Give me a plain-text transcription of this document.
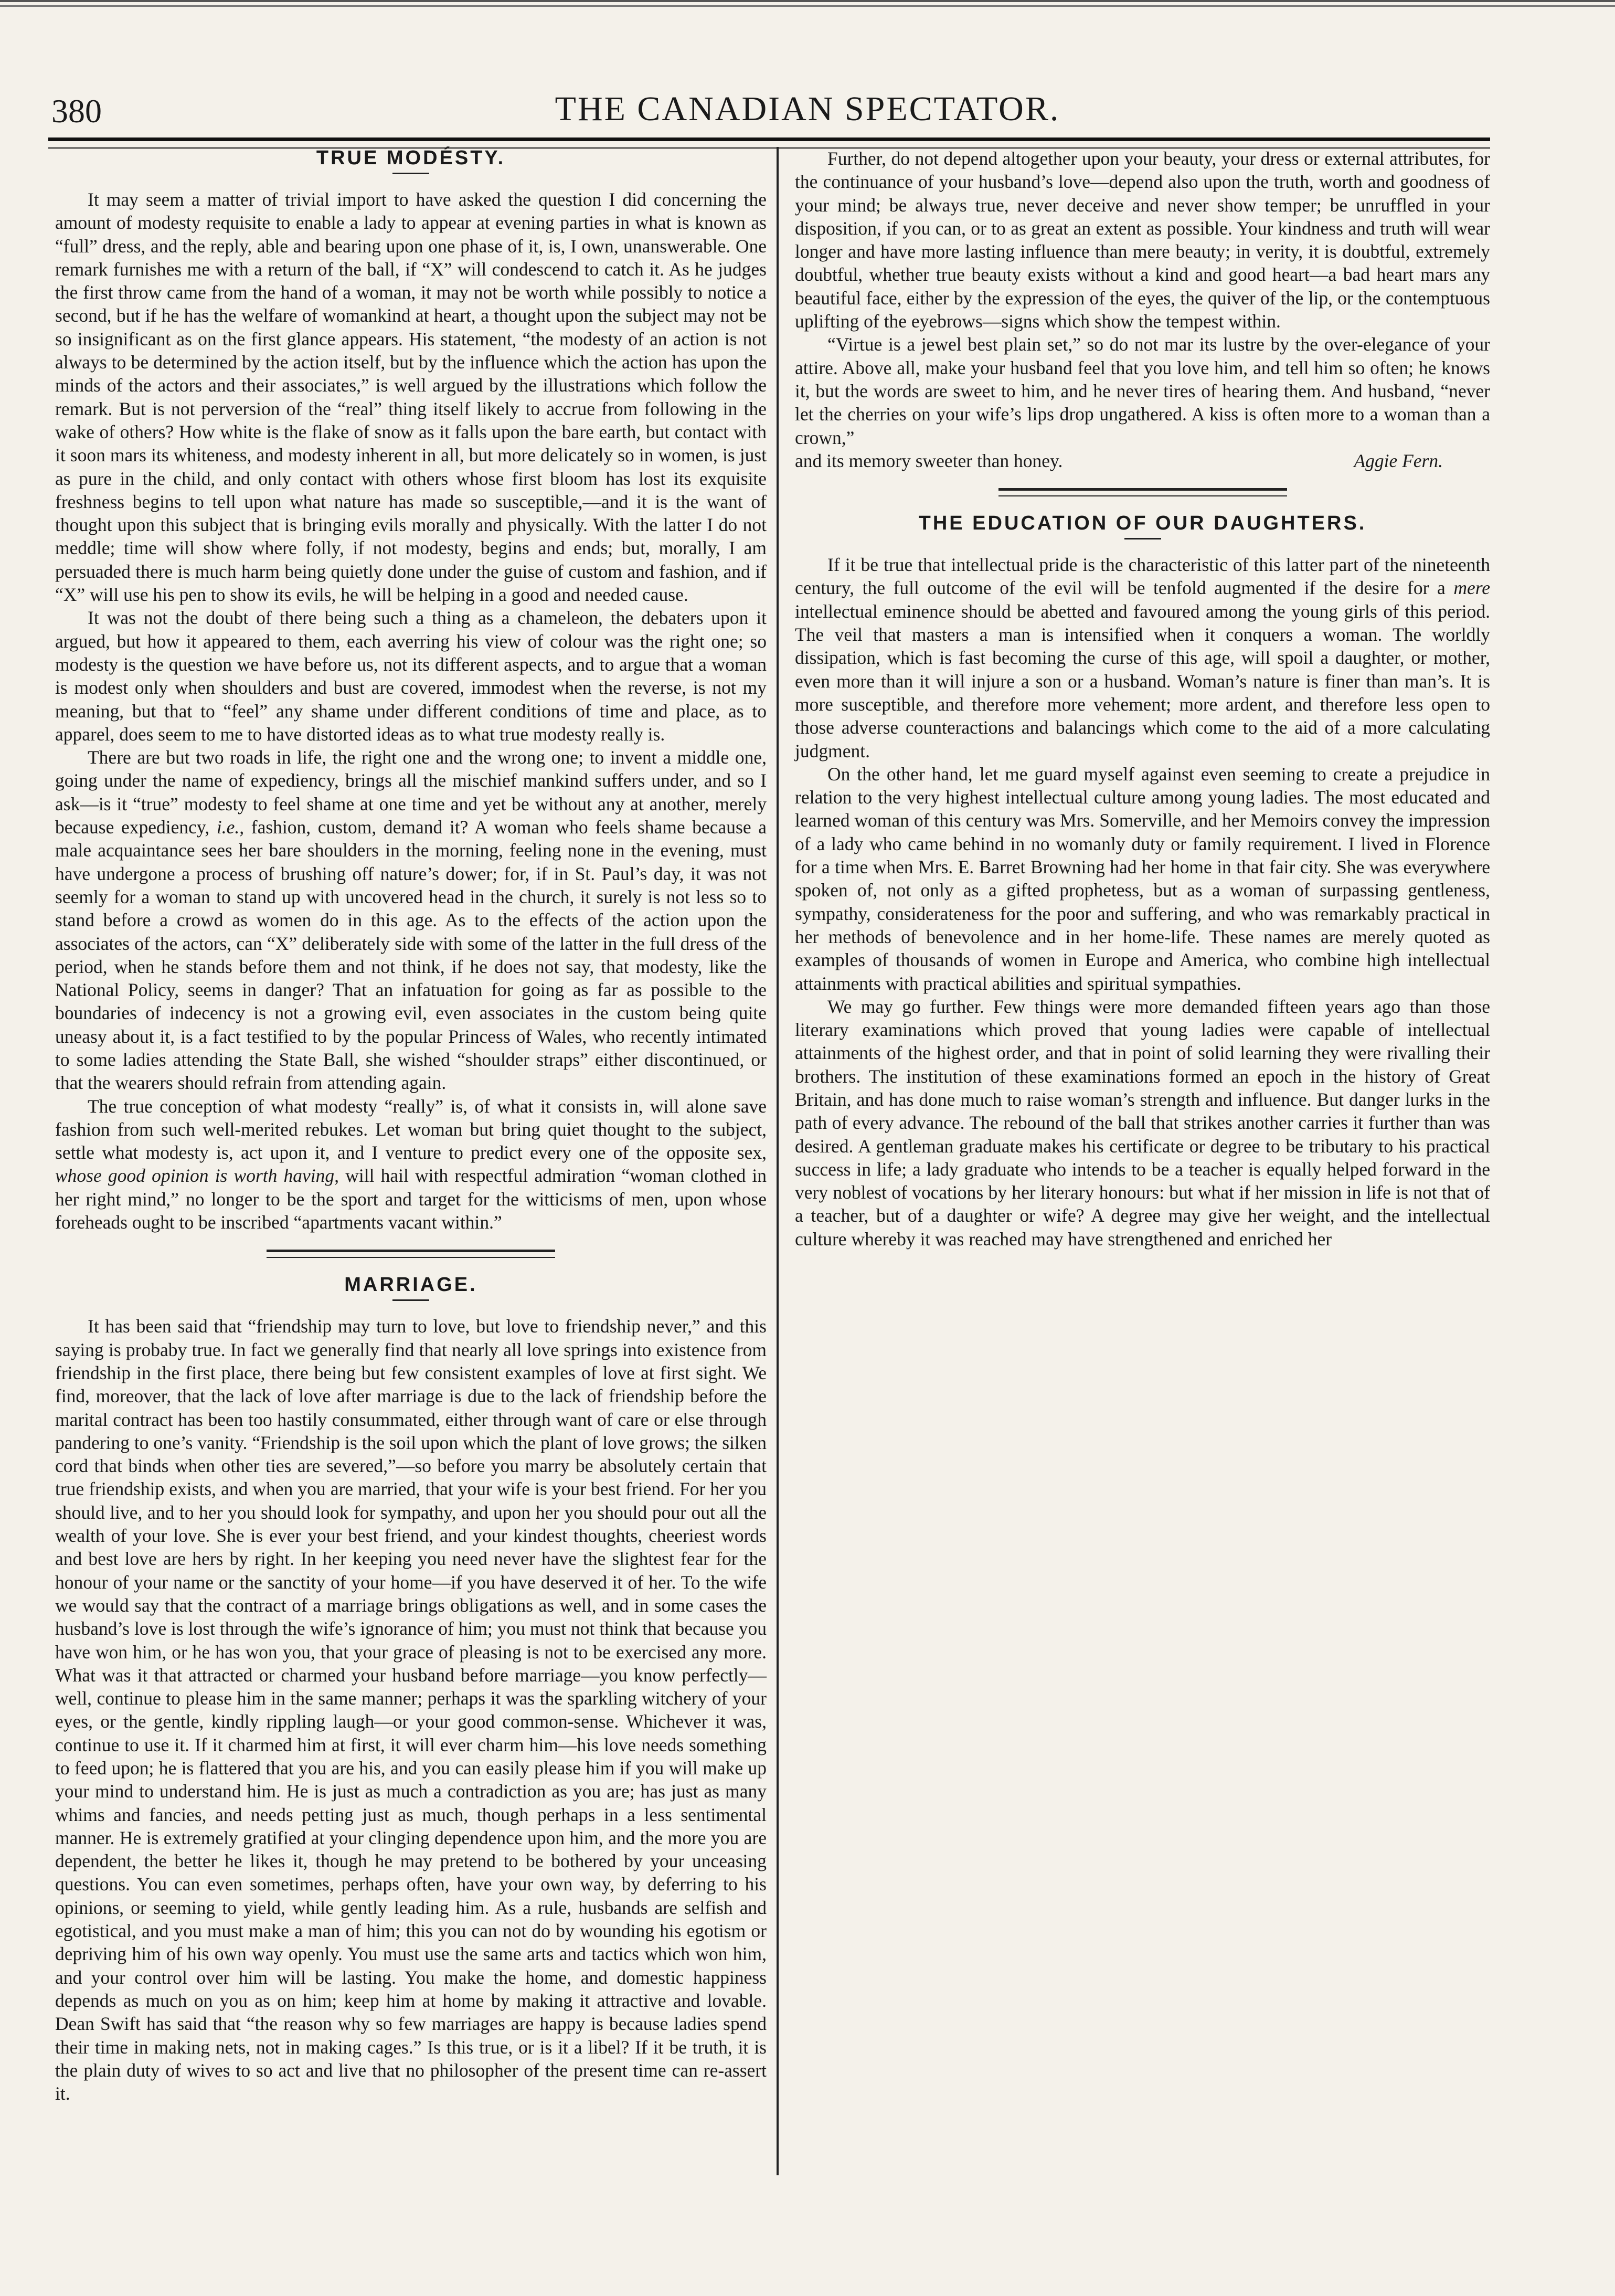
380	THE CANADIAN SPECTATOR.
TRUE MODÉSTY.

It may seem a matter of trivial import to have asked the question I did concerning the amount of modesty requisite to enable a lady to appear at evening parties in what is known as “full” dress, and the reply, able and bearing upon one phase of it, is, I own, unanswerable. One remark furnishes me with a return of the ball, if “X” will condescend to catch it. As he judges the first throw came from the hand of a woman, it may not be worth while possibly to notice a second, but if he has the welfare of womankind at heart, a thought upon the subject may not be so insignificant as on the first glance appears. His statement, “the modesty of an action is not always to be determined by the action itself, but by the influence which the action has upon the minds of the actors and their associates,” is well argued by the illustrations which follow the remark. But is not perversion of the “real” thing itself likely to accrue from following in the wake of others? How white is the flake of snow as it falls upon the bare earth, but contact with it soon mars its whiteness, and modesty inherent in all, but more delicately so in women, is just as pure in the child, and only contact with others whose first bloom has lost its exquisite freshness begins to tell upon what nature has made so susceptible,—and it is the want of thought upon this subject that is bringing evils morally and physically. With the latter I do not meddle; time will show where folly, if not modesty, begins and ends; but, morally, I am persuaded there is much harm being quietly done under the guise of custom and fashion, and if “X” will use his pen to show its evils, he will be helping in a good and needed cause.

It was not the doubt of there being such a thing as a chameleon, the debaters upon it argued, but how it appeared to them, each averring his view of colour was the right one; so modesty is the question we have before us, not its different aspects, and to argue that a woman is modest only when shoulders and bust are covered, immodest when the reverse, is not my meaning, but that to “feel” any shame under different conditions of time and place, as to apparel, does seem to me to have distorted ideas as to what true modesty really is.

There are but two roads in life, the right one and the wrong one; to invent a middle one, going under the name of expediency, brings all the mischief mankind suffers under, and so I ask—is it “true” modesty to feel shame at one time and yet be without any at another, merely because expediency, i.e., fashion, custom, demand it? A woman who feels shame because a male acquaintance sees her bare shoulders in the morning, feeling none in the evening, must have undergone a process of brushing off nature’s dower; for, if in St. Paul’s day, it was not seemly for a woman to stand up with uncovered head in the church, it surely is not less so to stand before a crowd as women do in this age. As to the effects of the action upon the associates of the actors, can “X” deliberately side with some of the latter in the full dress of the period, when he stands before them and not think, if he does not say, that modesty, like the National Policy, seems in danger? That an infatuation for going as far as possible to the boundaries of indecency is not a growing evil, even associates in the custom being quite uneasy about it, is a fact testified to by the popular Princess of Wales, who recently intimated to some ladies attending the State Ball, she wished “shoulder straps” either discontinued, or that the wearers should refrain from attending again.

The true conception of what modesty “really” is, of what it consists in, will alone save fashion from such well-merited rebukes. Let woman but bring quiet thought to the subject, settle what modesty is, act upon it, and I venture to predict every one of the opposite sex, whose good opinion is worth having, will hail with respectful admiration “woman clothed in her right mind,” no longer to be the sport and target for the witticisms of men, upon whose foreheads ought to be inscribed “apartments vacant within.”

MARRIAGE.

It has been said that “friendship may turn to love, but love to friendship never,” and this saying is probaby true. In fact we generally find that nearly all love springs into existence from friendship in the first place, there being but few consistent examples of love at first sight. We find, moreover, that the lack of love after marriage is due to the lack of friendship before the marital contract has been too hastily consummated, either through want of care or else through pandering to one’s vanity. “Friendship is the soil upon which the plant of love grows; the silken cord that binds when other ties are severed,”—so before you marry be absolutely certain that true friendship exists, and when you are married, that your wife is your best friend. For her you should live, and to her you should look for sympathy, and upon her you should pour out all the wealth of your love. She is ever your best friend, and your kindest thoughts, cheeriest words and best love are hers by right. In her keeping you need never have the slightest fear for the honour of your name or the sanctity of your home—if you have deserved it of her. To the wife we would say that the contract of a marriage brings obligations as well, and in some cases the husband’s love is lost through the wife’s ignorance of him; you must not think that because you have won him, or he has won you, that your grace of pleasing is not to be exercised any more. What was it that attracted or charmed your husband before marriage—you know perfectly—well, continue to please him in the same manner; perhaps it was the sparkling witchery of your eyes, or the gentle, kindly rippling laugh—or your good common-sense. Whichever it was, continue to use it. If it charmed him at first, it will ever charm him—his love needs something to feed upon; he is flattered that you are his, and you can easily please him if you will make up your mind to understand him. He is just as much a contradiction as you are; has just as many whims and fancies, and needs petting just as much, though perhaps in a less sentimental manner. He is extremely gratified at your clinging dependence upon him, and the more you are dependent, the better he likes it, though he may pretend to be bothered by your unceasing questions. You can even sometimes, perhaps often, have your own way, by deferring to his opinions, or seeming to yield, while gently leading him. As a rule, husbands are selfish and egotistical, and you must make a man of him; this you can not do by wounding his egotism or depriving him of his own way openly. You must use the same arts and tactics which won him, and your control over him will be lasting. You make the home, and domestic happiness depends as much on you as on him; keep him at home by making it attractive and lovable. Dean Swift has said that “the reason why so few marriages are happy is because ladies spend their time in making nets, not in making cages.” Is this true, or is it a libel? If it be truth, it is the plain duty of wives to so act and live that no philosopher of the present time can re-assert it.

Further, do not depend altogether upon your beauty, your dress or external attributes, for the continuance of your husband’s love—depend also upon the truth, worth and goodness of your mind; be always true, never deceive and never show temper; be unruffled in your disposition, if you can, or to as great an extent as possible. Your kindness and truth will wear longer and have more lasting influence than mere beauty; in verity, it is doubtful, extremely doubtful, whether true beauty exists without a kind and good heart—a bad heart mars any beautiful face, either by the expression of the eyes, the quiver of the lip, or the contemptuous uplifting of the eyebrows—signs which show the tempest within.

“Virtue is a jewel best plain set,” so do not mar its lustre by the over-elegance of your attire. Above all, make your husband feel that you love him, and tell him so often; he knows it, but the words are sweet to him, and he never tires of hearing them. And husband, “never let the cherries on your wife’s lips drop ungathered. A kiss is often more to a woman than a crown,”

and its memory sweeter than honey.	Aggie Fern.
THE EDUCATION OF OUR DAUGHTERS.

If it be true that intellectual pride is the characteristic of this latter part of the nineteenth century, the full outcome of the evil will be tenfold augmented if the desire for a mere intellectual eminence should be abetted and favoured among the young girls of this period. The veil that masters a man is intensified when it conquers a woman. The worldly dissipation, which is fast becoming the curse of this age, will spoil a daughter, or mother, even more than it will injure a son or a husband. Woman’s nature is finer than man’s. It is more susceptible, and therefore more vehement; more ardent, and therefore less open to those adverse counteractions and balancings which come to the aid of a more calculating judgment.

On the other hand, let me guard myself against even seeming to create a prejudice in relation to the very highest intellectual culture among young ladies. The most educated and learned woman of this century was Mrs. Somerville, and her Memoirs convey the impression of a lady who came behind in no womanly duty or family requirement. I lived in Florence for a time when Mrs. E. Barret Browning had her home in that fair city. She was everywhere spoken of, not only as a gifted prophetess, but as a woman of surpassing gentleness, sympathy, considerateness for the poor and suffering, and who was remarkably practical in her methods of benevolence and in her home-life. These names are merely quoted as examples of thousands of women in Europe and America, who combine high intellectual attainments with practical abilities and spiritual sympathies.

We may go further. Few things were more demanded fifteen years ago than those literary examinations which proved that young ladies were capable of intellectual attainments of the highest order, and that in point of solid learning they were rivalling their brothers. The institution of these examinations formed an epoch in the history of Great Britain, and has done much to raise woman’s strength and influence. But danger lurks in the path of every advance. The rebound of the ball that strikes another carries it further than was desired. A gentleman graduate makes his certificate or degree to be tributary to his practical success in life; a lady graduate who intends to be a teacher is equally helped forward in the very noblest of vocations by her literary honours: but what if her mission in life is not that of a teacher, but of a daughter or wife? A degree may give her weight, and the intellectual culture whereby it was reached may have strengthened and enriched her
